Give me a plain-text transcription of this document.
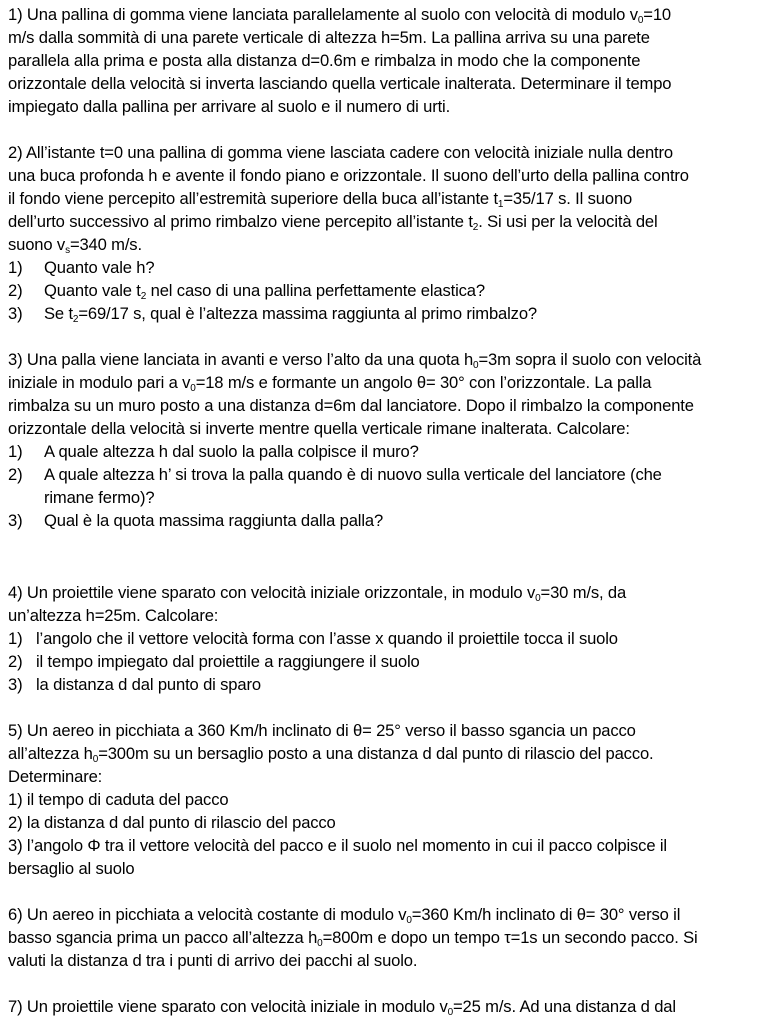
1) Una pallina di gomma viene lanciata parallelamente al suolo con velocità di modulo $v_0=10$

m/s dalla sommità di una parete verticale di altezza h=5m. La pallina arriva su una parete

parallela alla prima e posta alla distanza d=0.6m e rimbalza in modo che la componente

orizzontale della velocità si inverta lasciando quella verticale inalterata. Determinare il tempo

impiegato dalla pallina per arrivare al suolo e il numero di urti.

2) All’istante t=0 una pallina di gomma viene lasciata cadere con velocità iniziale nulla dentro

una buca profonda h e avente il fondo piano e orizzontale. Il suono dell’urto della pallina contro

il fondo viene percepito all’estremità superiore della buca all’istante $t_1=35/17$ s. Il suono

dell’urto successivo al primo rimbalzo viene percepito all’istante $t_2$. Si usi per la velocità del

suono $v_s=340$ m/s.

1)	Quanto vale h?
2)	Quanto vale $t_2$ nel caso di una pallina perfettamente elastica?
3)	Se $t_2=69/17$ s, qual è l’altezza massima raggiunta al primo rimbalzo?

3) Una palla viene lanciata in avanti e verso l’alto da una quota $h_0=3m$ sopra il suolo con velocità

iniziale in modulo pari a $v_0=18$ m/s e formante un angolo θ= 30° con l’orizzontale. La palla

rimbalza su un muro posto a una distanza d=6m dal lanciatore. Dopo il rimbalzo la componente

orizzontale della velocità si inverte mentre quella verticale rimane inalterata. Calcolare:

1)	A quale altezza h dal suolo la palla colpisce il muro?
2)	A quale altezza h’ si trova la palla quando è di nuovo sulla verticale del lanciatore (che
rimane fermo)?
3)	Qual è la quota massima raggiunta dalla palla?

4) Un proiettile viene sparato con velocità iniziale orizzontale, in modulo $v_0=30$ m/s, da

un’altezza h=25m. Calcolare:

1) l’angolo che il vettore velocità forma con l’asse x quando il proiettile tocca il suolo
2) il tempo impiegato dal proiettile a raggiungere il suolo
3) la distanza d dal punto di sparo

5) Un aereo in picchiata a 360 Km/h inclinato di θ= 25° verso il basso sgancia un pacco

all’altezza $h_0=300m$ su un bersaglio posto a una distanza d dal punto di rilascio del pacco.

Determinare:

1) il tempo di caduta del pacco

2) la distanza d dal punto di rilascio del pacco

3) l’angolo Φ tra il vettore velocità del pacco e il suolo nel momento in cui il pacco colpisce il

bersaglio al suolo

6) Un aereo in picchiata a velocità costante di modulo $v_0=360$ Km/h inclinato di θ= 30° verso il

basso sgancia prima un pacco all’altezza $h_0=800m$ e dopo un tempo τ=1s un secondo pacco. Si

valuti la distanza d tra i punti di arrivo dei pacchi al suolo.

7) Un proiettile viene sparato con velocità iniziale in modulo $v_0=25$ m/s. Ad una distanza d dal
